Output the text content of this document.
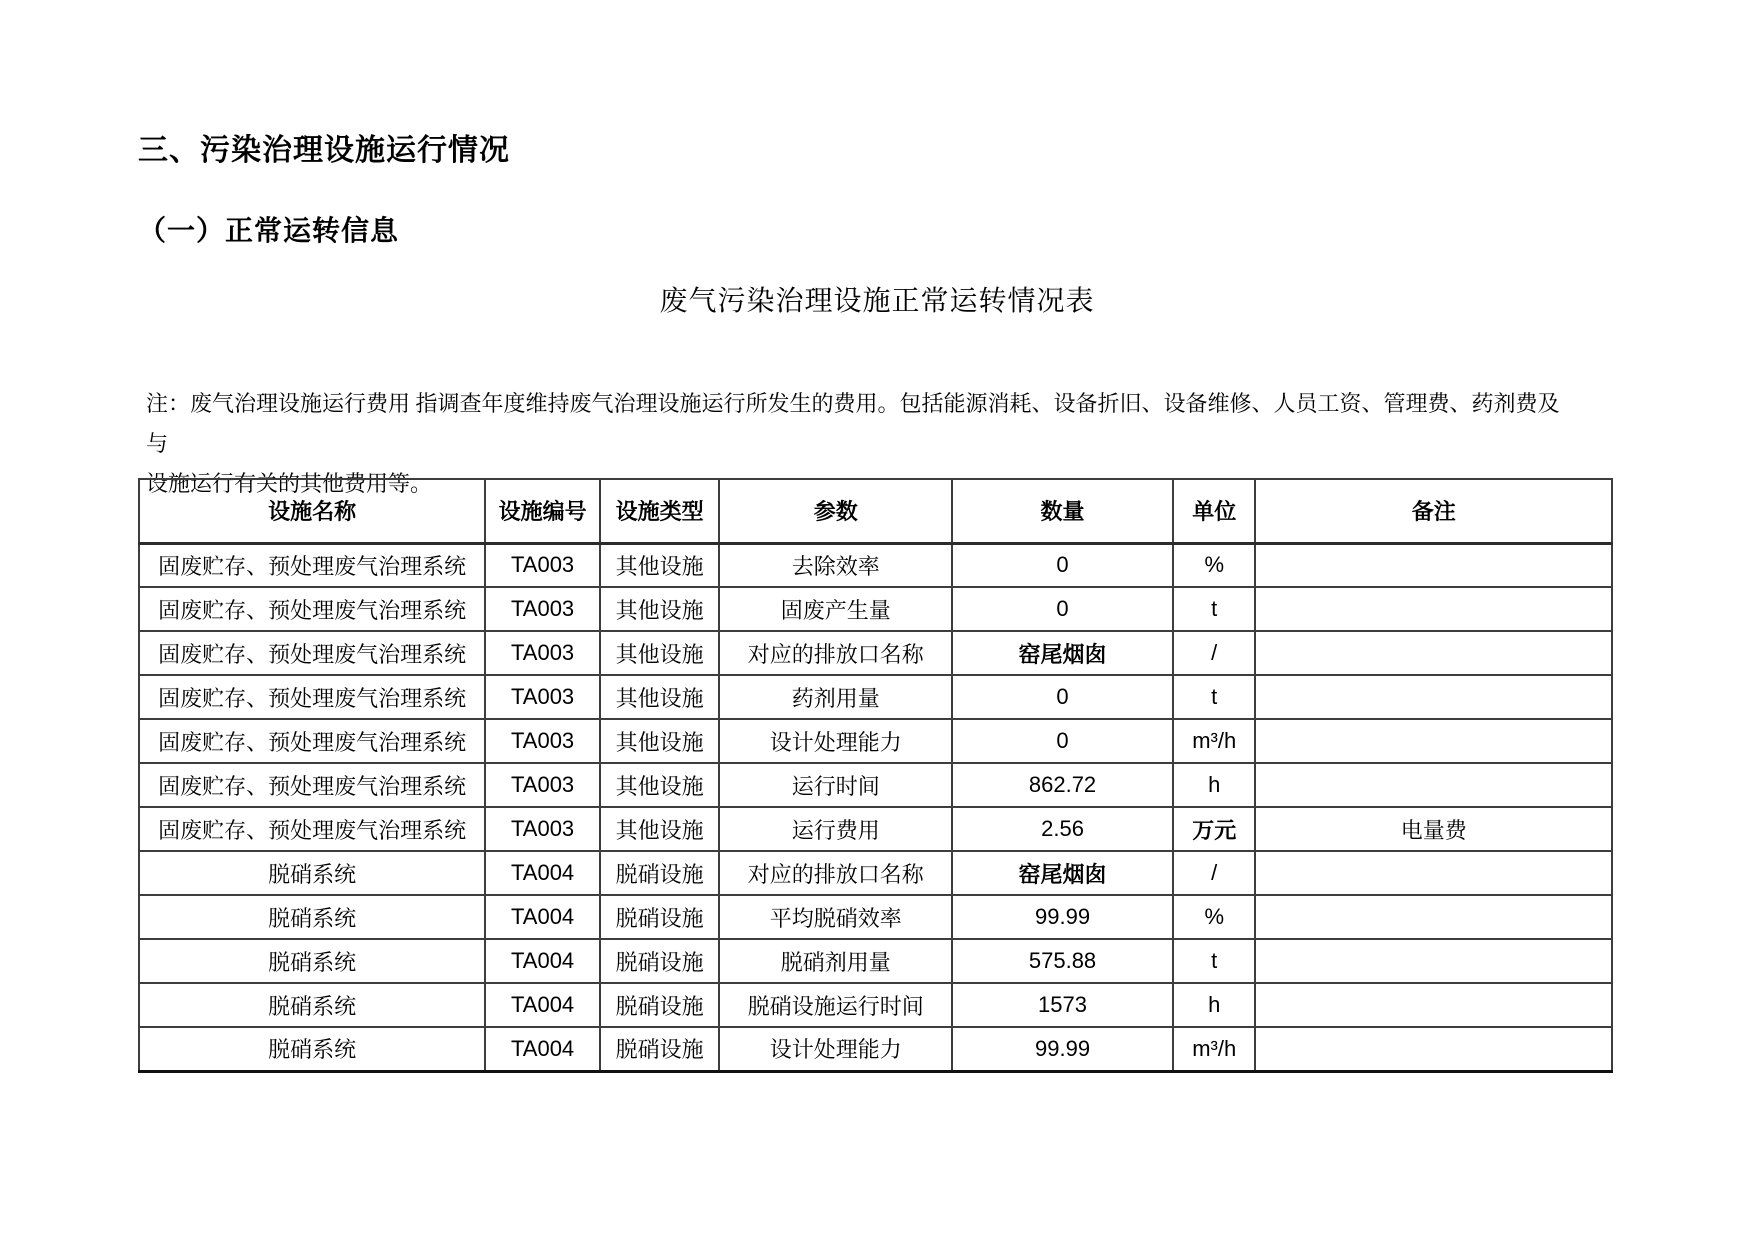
三、污染治理设施运行情况
（一）正常运转信息
废气污染治理设施正常运转情况表
注：废气治理设施运行费用 指调查年度维持废气治理设施运行所发生的费用。包括能源消耗、设备折旧、设备维修、人员工资、管理费、药剂费及与
设施运行有关的其他费用等。
设施名称	设施编号	设施类型	参数	数量	单位	备注
固废贮存、预处理废气治理系统	TA003	其他设施	去除效率	0	%	
固废贮存、预处理废气治理系统	TA003	其他设施	固废产生量	0	t	
固废贮存、预处理废气治理系统	TA003	其他设施	对应的排放口名称	窑尾烟囱	/	
固废贮存、预处理废气治理系统	TA003	其他设施	药剂用量	0	t	
固废贮存、预处理废气治理系统	TA003	其他设施	设计处理能力	0	m³/h	
固废贮存、预处理废气治理系统	TA003	其他设施	运行时间	862.72	h	
固废贮存、预处理废气治理系统	TA003	其他设施	运行费用	2.56	万元	电量费
脱硝系统	TA004	脱硝设施	对应的排放口名称	窑尾烟囱	/	
脱硝系统	TA004	脱硝设施	平均脱硝效率	99.99	%	
脱硝系统	TA004	脱硝设施	脱硝剂用量	575.88	t	
脱硝系统	TA004	脱硝设施	脱硝设施运行时间	1573	h	
脱硝系统	TA004	脱硝设施	设计处理能力	99.99	m³/h	
